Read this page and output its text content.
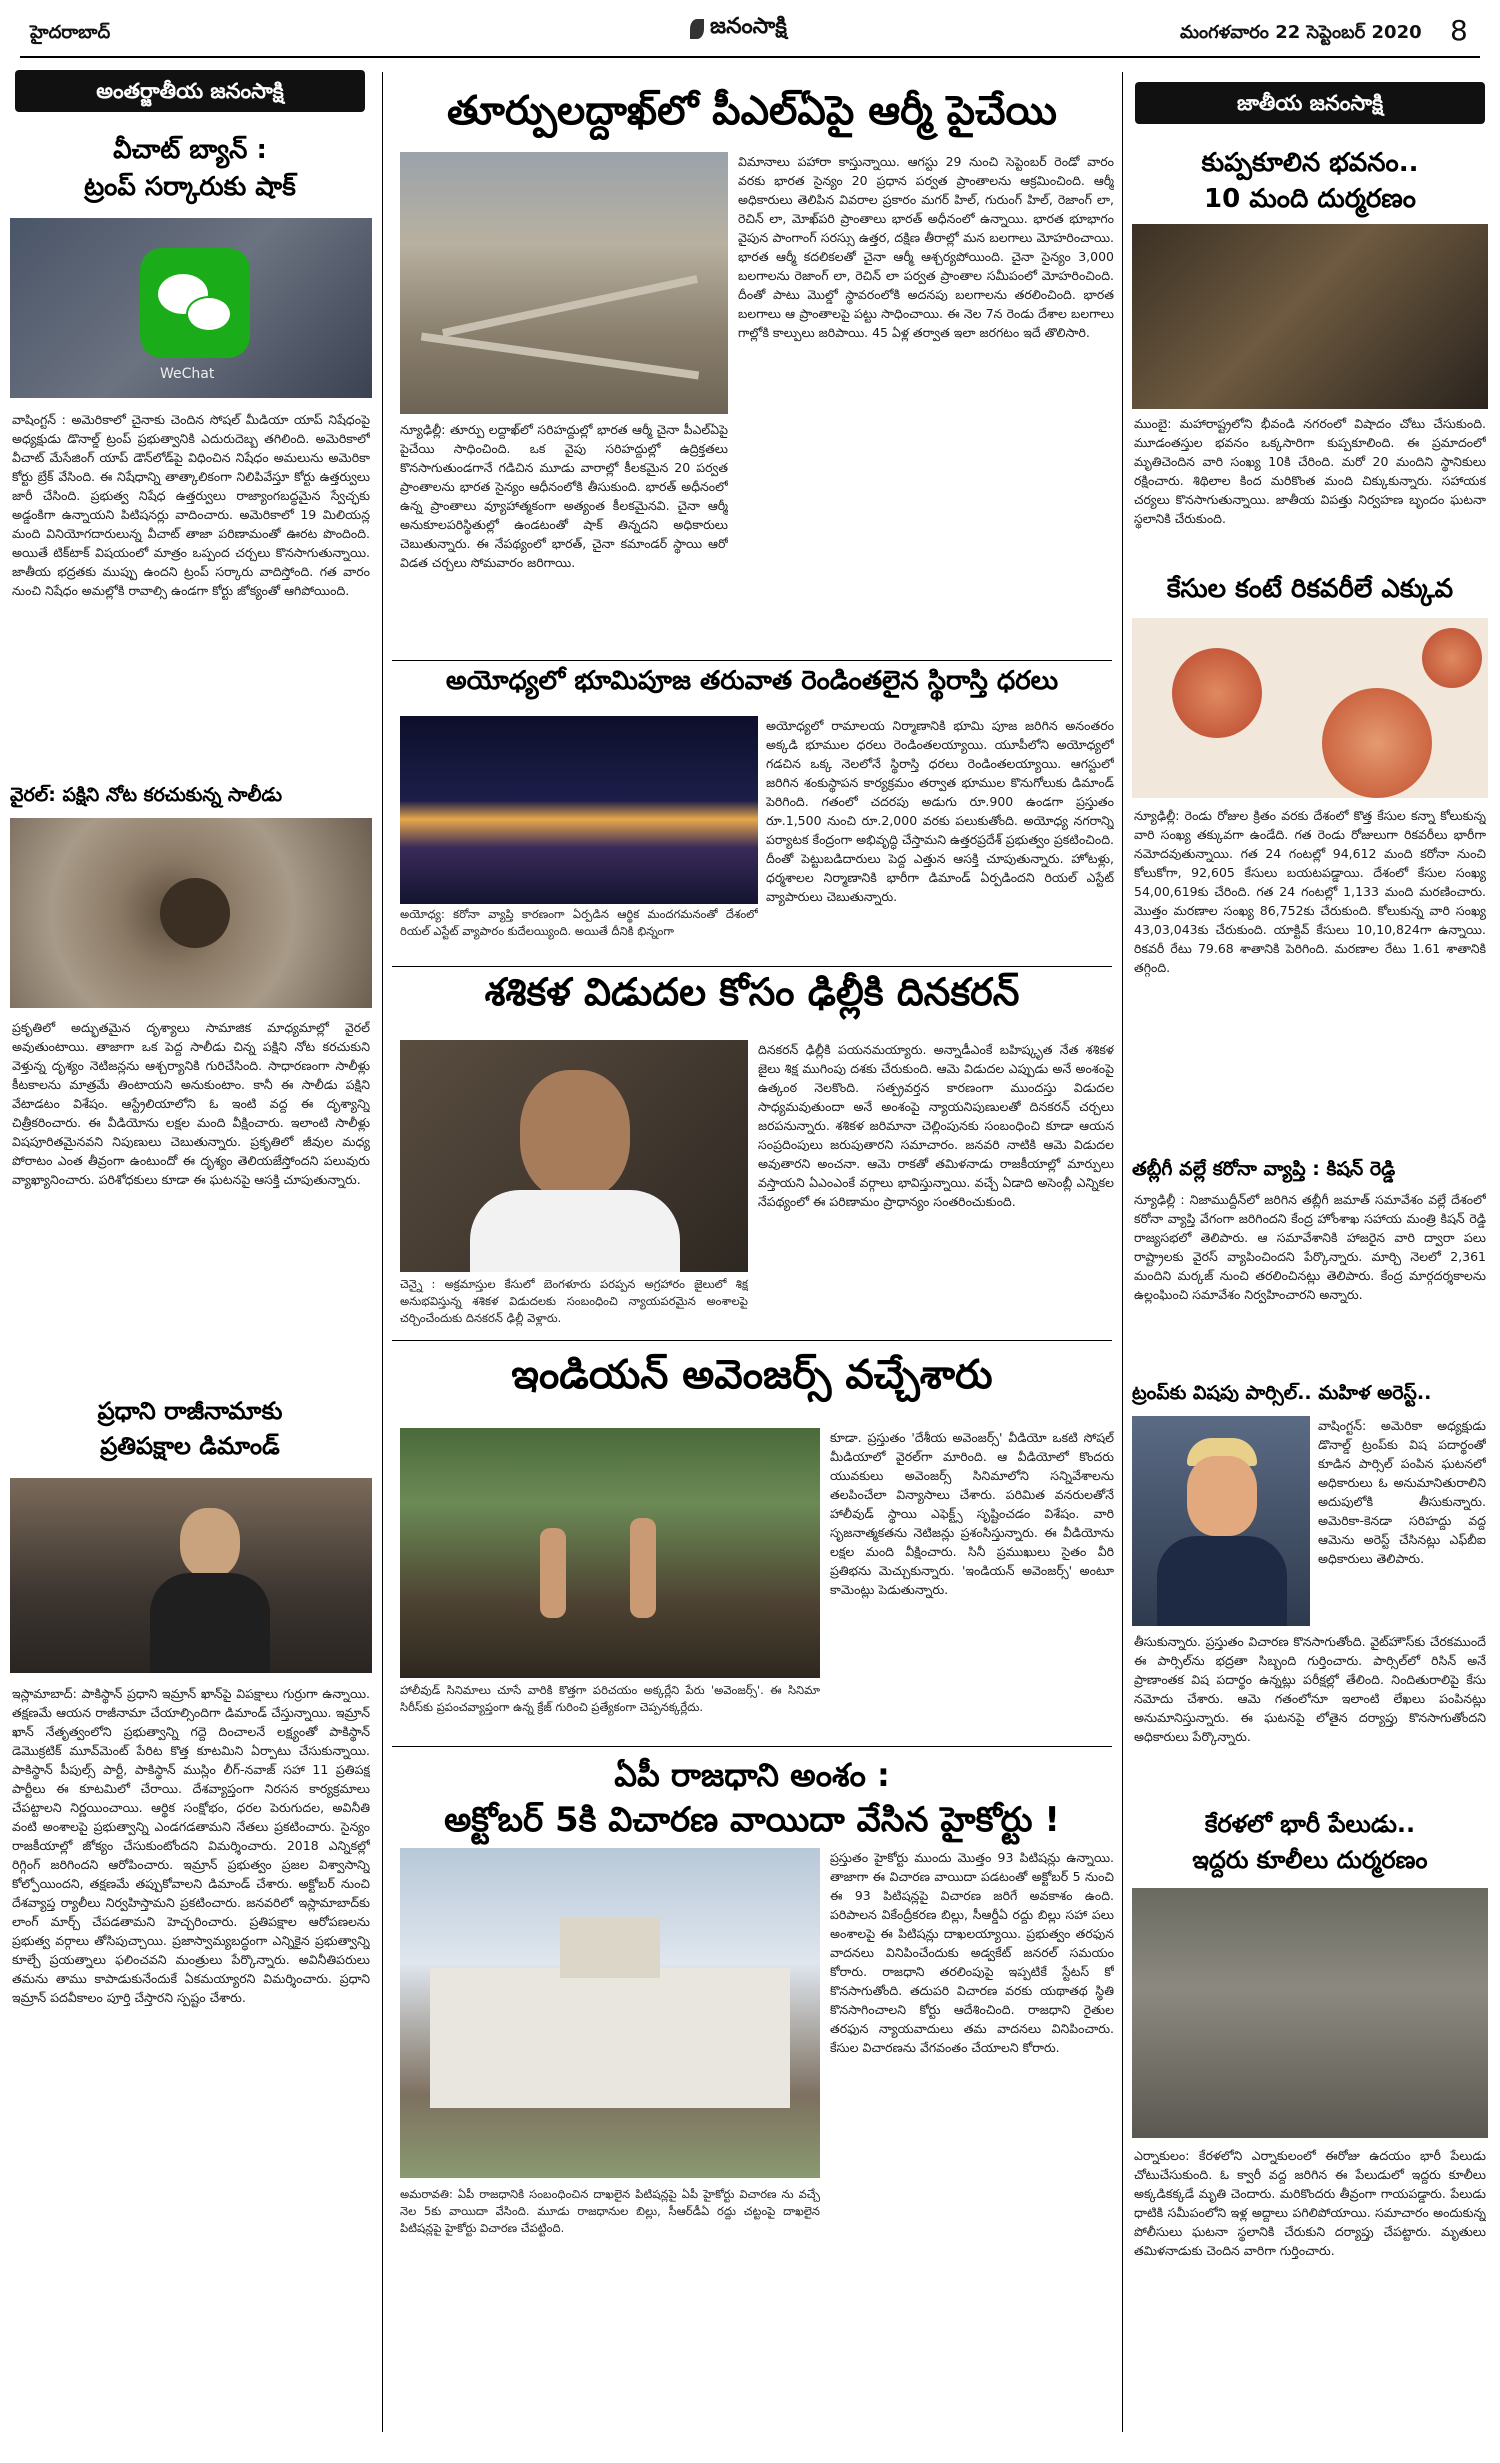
హైదరాబాద్	జనంసాక్షి	మంగళవారం 22 సెప్టెంబర్ 2020 8
అంతర్జాతీయ జనంసాక్షి
వీచాట్ బ్యాన్ :
ట్రంప్ సర్కారుకు షాక్
WeChat
వాషింగ్టన్‌ : అమెరికాలో చైనాకు చెందిన సోషల్‌ మీడియా యాప్‌ నిషేధంపై అధ్యక్షుడు డొనాల్డ్‌ ట్రంప్‌ ప్రభుత్వానికి ఎదురుదెబ్బ తగిలింది. అమెరికాలో వీచాట్‌ మేసేజింగ్‌ యాప్‌ డౌన్‌లోడ్‌పై విధించిన నిషేధం అమలును అమెరికా కోర్టు బ్రేక్‌ వేసింది. ఈ నిషేధాన్ని తాత్కాలికంగా నిలిపివేస్తూ కోర్టు ఉత్తర్వులు జారీ చేసింది. ప్రభుత్వ నిషేధ ఉత్తర్వులు రాజ్యాంగబద్ధమైన స్వేచ్ఛకు అడ్డంకిగా ఉన్నాయని పిటిషనర్లు వాదించారు. అమెరికాలో 19 మిలియన్ల మంది వినియోగదారులున్న వీచాట్‌ తాజా పరిణామంతో ఊరట పొందింది. అయితే టిక్‌టాక్‌ విషయంలో మాత్రం ఒప్పంద చర్చలు కొనసాగుతున్నాయి. జాతీయ భద్రతకు ముప్పు ఉందని ట్రంప్‌ సర్కారు వాదిస్తోంది. గత వారం నుంచి నిషేధం అమల్లోకి రావాల్సి ఉండగా కోర్టు జోక్యంతో ఆగిపోయింది.
వైరల్‌: పక్షిని నోట కరచుకున్న సాలీడు
ప్రకృతిలో అద్భుతమైన దృశ్యాలు సామాజిక మాధ్యమాల్లో వైరల్‌ అవుతుంటాయి. తాజాగా ఒక పెద్ద సాలీడు చిన్న పక్షిని నోట కరచుకుని వెళ్తున్న దృశ్యం నెటిజన్లను ఆశ్చర్యానికి గురిచేసింది. సాధారణంగా సాలీళ్లు కీటకాలను మాత్రమే తింటాయని అనుకుంటాం. కానీ ఈ సాలీడు పక్షిని వేటాడటం విశేషం. ఆస్ట్రేలియాలోని ఓ ఇంటి వద్ద ఈ దృశ్యాన్ని చిత్రీకరించారు. ఈ వీడియోను లక్షల మంది వీక్షించారు. ఇలాంటి సాలీళ్లు విషపూరితమైనవని నిపుణులు చెబుతున్నారు. ప్రకృతిలో జీవుల మధ్య పోరాటం ఎంత తీవ్రంగా ఉంటుందో ఈ దృశ్యం తెలియజేస్తోందని పలువురు వ్యాఖ్యానించారు. పరిశోధకులు కూడా ఈ ఘటనపై ఆసక్తి చూపుతున్నారు.
ప్రధాని రాజీనామాకు
ప్రతిపక్షాల డిమాండ్‌
ఇస్లామాబాద్‌: పాకిస్థాన్‌ ప్రధాని ఇమ్రాన్‌ ఖాన్‌పై విపక్షాలు గుర్రుగా ఉన్నాయి. తక్షణమే ఆయన రాజీనామా చేయాల్సిందిగా డిమాండ్‌ చేస్తున్నాయి. ఇమ్రాన్‌ ఖాన్‌ నేతృత్వంలోని ప్రభుత్వాన్ని గద్దె దించాలనే లక్ష్యంతో పాకిస్థాన్‌ డెమొక్రటిక్‌ మూవ్‌మెంట్‌ పేరిట కొత్త కూటమిని ఏర్పాటు చేసుకున్నాయి. పాకిస్థాన్‌ పీపుల్స్‌ పార్టీ, పాకిస్థాన్‌ ముస్లిం లీగ్‌-నవాజ్‌ సహా 11 ప్రతిపక్ష పార్టీలు ఈ కూటమిలో చేరాయి. దేశవ్యాప్తంగా నిరసన కార్యక్రమాలు చేపట్టాలని నిర్ణయించాయి. ఆర్థిక సంక్షోభం, ధరల పెరుగుదల, అవినీతి వంటి అంశాలపై ప్రభుత్వాన్ని ఎండగడతామని నేతలు ప్రకటించారు. సైన్యం రాజకీయాల్లో జోక్యం చేసుకుంటోందని విమర్శించారు. 2018 ఎన్నికల్లో రిగ్గింగ్‌ జరిగిందని ఆరోపించారు. ఇమ్రాన్‌ ప్రభుత్వం ప్రజల విశ్వాసాన్ని కోల్పోయిందని, తక్షణమే తప్పుకోవాలని డిమాండ్‌ చేశారు. అక్టోబర్‌ నుంచి దేశవ్యాప్త ర్యాలీలు నిర్వహిస్తామని ప్రకటించారు. జనవరిలో ఇస్లామాబాద్‌కు లాంగ్‌ మార్చ్‌ చేపడతామని హెచ్చరించారు. ప్రతిపక్షాల ఆరోపణలను ప్రభుత్వ వర్గాలు తోసిపుచ్చాయి. ప్రజాస్వామ్యబద్ధంగా ఎన్నికైన ప్రభుత్వాన్ని కూల్చే ప్రయత్నాలు ఫలించవని మంత్రులు పేర్కొన్నారు. అవినీతిపరులు తమను తాము కాపాడుకునేందుకే ఏకమయ్యారని విమర్శించారు. ప్రధాని ఇమ్రాన్‌ పదవీకాలం పూర్తి చేస్తారని స్పష్టం చేశారు.
తూర్పులద్దాఖ్‌లో పీఎల్‌ఏపై ఆర్మీ పైచేయి
న్యూఢిల్లీ: తూర్పు లద్దాఖ్‌లో సరిహద్దుల్లో భారత ఆర్మీ చైనా పీఎల్‌ఏపై పైచేయి సాధించింది. ఒక వైపు సరిహద్దుల్లో ఉద్రిక్తతలు కొనసాగుతుండగానే గడిచిన మూడు వారాల్లో కీలకమైన 20 పర్వత ప్రాంతాలను భారత సైన్యం ఆధీనంలోకి తీసుకుంది. భారత్‌ అధీనంలో ఉన్న ప్రాంతాలు వ్యూహాత్మకంగా అత్యంత కీలకమైనవి. చైనా ఆర్మీ అనుకూలపరిస్థితుల్లో ఉండటంతో షాక్‌ తిన్నదని అధికారులు చెబుతున్నారు. ఈ నేపథ్యంలో భారత్‌, చైనా కమాండర్‌ స్థాయి ఆరో విడత చర్చలు సోమవారం జరిగాయి.
విమానాలు పహారా కాస్తున్నాయి. ఆగస్టు 29 నుంచి సెప్టెంబర్‌ రెండో వారం వరకు భారత సైన్యం 20 ప్రధాన పర్వత ప్రాంతాలను ఆక్రమించింది. ఆర్మీ అధికారులు తెలిపిన వివరాల ప్రకారం మగర్‌ హిల్‌, గురుంగ్‌ హిల్‌, రెజాంగ్‌ లా, రెచిన్‌ లా, మోఖ్‌పరి ప్రాంతాలు భారత్‌ అధీనంలో ఉన్నాయి. భారత భూభాగం వైపున పాంగాంగ్‌ సరస్సు ఉత్తర, దక్షిణ తీరాల్లో మన బలగాలు మోహరించాయి. భారత ఆర్మీ కదలికలతో చైనా ఆర్మీ ఆశ్చర్యపోయింది. చైనా సైన్యం 3,000 బలగాలను రెజాంగ్‌ లా, రెచిన్‌ లా పర్వత ప్రాంతాల సమీపంలో మోహరించింది. దీంతో పాటు మెుల్డో స్థావరంలోకి అదనపు బలగాలను తరలించింది. భారత బలగాలు ఆ ప్రాంతాలపై పట్టు సాధించాయి. ఈ నెల 7న రెండు దేశాల బలగాలు గాల్లోకి కాల్పులు జరిపాయి. 45 ఏళ్ల తర్వాత ఇలా జరగటం ఇదే తొలిసారి.
అయోధ్యలో భూమిపూజ తరువాత రెండింతలైన స్థిరాస్తి ధరలు
అయోధ్య: కరోనా వ్యాప్తి కారణంగా ఏర్పడిన ఆర్థిక మందగమనంతో దేశంలో రియల్‌ ఎస్టేట్‌ వ్యాపారం కుదేలయ్యింది. అయితే దీనికి భిన్నంగా
అయోధ్యలో రామాలయ నిర్మాణానికి భూమి పూజ జరిగిన అనంతరం అక్కడి భూముల ధరలు రెండింతలయ్యాయి. యూపీలోని అయోధ్యలో గడచిన ఒక్క నెలలోనే స్థిరాస్తి ధరలు రెండింతలయ్యాయి. ఆగస్టులో జరిగిన శంకుస్థాపన కార్యక్రమం తర్వాత భూముల కొనుగోలుకు డిమాండ్‌ పెరిగింది. గతంలో చదరపు అడుగు రూ.900 ఉండగా ప్రస్తుతం రూ.1,500 నుంచి రూ.2,000 వరకు పలుకుతోంది. అయోధ్య నగరాన్ని పర్యాటక కేంద్రంగా అభివృద్ధి చేస్తామని ఉత్తరప్రదేశ్‌ ప్రభుత్వం ప్రకటించింది. దీంతో పెట్టుబడిదారులు పెద్ద ఎత్తున ఆసక్తి చూపుతున్నారు. హోటళ్లు, ధర్మశాలల నిర్మాణానికి భారీగా డిమాండ్‌ ఏర్పడిందని రియల్‌ ఎస్టేట్‌ వ్యాపారులు చెబుతున్నారు.
శశికళ విడుదల కోసం ఢిల్లీకి దినకరన్‌
చెన్నై : అక్రమాస్తుల కేసులో బెంగళూరు పరప్పన అగ్రహారం జైలులో శిక్ష అనుభవిస్తున్న శశికళ విడుదలకు సంబంధించి న్యాయపరమైన అంశాలపై చర్చించేందుకు దినకరన్‌ ఢిల్లీ వెళ్లారు.
దినకరన్‌ ఢిల్లీకి పయనమయ్యారు. అన్నాడీఎంకే బహిష్కృత నేత శశికళ జైలు శిక్ష ముగింపు దశకు చేరుకుంది. ఆమె విడుదల ఎప్పుడు అనే అంశంపై ఉత్కంఠ నెలకొంది. సత్ప్రవర్తన కారణంగా ముందస్తు విడుదల సాధ్యమవుతుందా అనే అంశంపై న్యాయనిపుణులతో దినకరన్‌ చర్చలు జరపనున్నారు. శశికళ జరిమానా చెల్లింపునకు సంబంధించి కూడా ఆయన సంప్రదింపులు జరుపుతారని సమాచారం. జనవరి నాటికి ఆమె విడుదల అవుతారని అంచనా. ఆమె రాకతో తమిళనాడు రాజకీయాల్లో మార్పులు వస్తాయని ఏఎంఎంకే వర్గాలు భావిస్తున్నాయి. వచ్చే ఏడాది అసెంబ్లీ ఎన్నికల నేపథ్యంలో ఈ పరిణామం ప్రాధాన్యం సంతరించుకుంది.
ఇండియన్‌ అవెంజర్స్‌ వచ్చేశారు
హాలీవుడ్‌ సినిమాలు చూసే వారికి కొత్తగా పరిచయం అక్కర్లేని పేరు 'అవెంజర్స్‌'. ఈ సినిమా సిరీస్‌కు ప్రపంచవ్యాప్తంగా ఉన్న క్రేజ్‌ గురించి ప్రత్యేకంగా చెప్పనక్కర్లేదు.
కూడా. ప్రస్తుతం 'దేశీయ అవెంజర్స్‌' వీడియో ఒకటి సోషల్‌ మీడియాలో వైరల్‌గా మారింది. ఆ వీడియోలో కొందరు యువకులు అవెంజర్స్‌ సినిమాలోని సన్నివేశాలను తలపించేలా విన్యాసాలు చేశారు. పరిమిత వనరులతోనే హాలీవుడ్‌ స్థాయి ఎఫెక్ట్స్‌ సృష్టించడం విశేషం. వారి సృజనాత్మకతను నెటిజన్లు ప్రశంసిస్తున్నారు. ఈ వీడియోను లక్షల మంది వీక్షించారు. సినీ ప్రముఖులు సైతం వీరి ప్రతిభను మెచ్చుకున్నారు. 'ఇండియన్‌ అవెంజర్స్‌' అంటూ కామెంట్లు పెడుతున్నారు.
ఏపీ రాజధాని అంశం :
అక్టోబర్‌ 5కి విచారణ వాయిదా వేసిన హైకోర్టు !
అమరావతి: ఏపీ రాజధానికి సంబంధించిన దాఖలైన పిటిషన్లపై ఏపీ హైకోర్టు విచారణ ను వచ్చే నెల 5కు వాయిదా వేసింది. మూడు రాజధానుల బిల్లు, సీఆర్‌డీఏ రద్దు చట్టంపై దాఖలైన పిటిషన్లపై హైకోర్టు విచారణ చేపట్టింది.
ప్రస్తుతం హైకోర్టు ముందు మొత్తం 93 పిటిషన్లు ఉన్నాయి. తాజాగా ఈ విచారణ వాయిదా పడటంతో అక్టోబర్‌ 5 నుంచి ఈ 93 పిటిషన్లపై విచారణ జరిగే అవకాశం ఉంది. పరిపాలన వికేంద్రీకరణ బిల్లు, సీఆర్డీఏ రద్దు బిల్లు సహా పలు అంశాలపై ఈ పిటిషన్లు దాఖలయ్యాయి. ప్రభుత్వం తరఫున వాదనలు వినిపించేందుకు అడ్వకేట్‌ జనరల్‌ సమయం కోరారు. రాజధాని తరలింపుపై ఇప్పటికే స్టేటస్‌ కో కొనసాగుతోంది. తదుపరి విచారణ వరకు యథాతథ స్థితి కొనసాగించాలని కోర్టు ఆదేశించింది. రాజధాని రైతుల తరఫున న్యాయవాదులు తమ వాదనలు వినిపించారు. కేసుల విచారణను వేగవంతం చేయాలని కోరారు.
జాతీయ జనంసాక్షి
కుప్పకూలిన భవనం..
10 మంది దుర్మరణం
ముంబై: మహారాష్ట్రలోని భీవండి నగరంలో విషాదం చోటు చేసుకుంది. మూడంతస్తుల భవనం ఒక్కసారిగా కుప్పకూలింది. ఈ ప్రమాదంలో మృతిచెందిన వారి సంఖ్య 10కి చేరింది. మరో 20 మందిని స్థానికులు రక్షించారు. శిథిలాల కింద మరికొంత మంది చిక్కుకున్నారు. సహాయక చర్యలు కొనసాగుతున్నాయి. జాతీయ విపత్తు నిర్వహణ బృందం ఘటనా స్థలానికి చేరుకుంది.
కేసుల కంటే రికవరీలే ఎక్కువ
న్యూఢిల్లీ: రెండు రోజుల క్రితం వరకు దేశంలో కొత్త కేసుల కన్నా కోలుకున్న వారి సంఖ్య తక్కువగా ఉండేది. గత రెండు రోజులుగా రికవరీలు భారీగా నమోదవుతున్నాయి. గత 24 గంటల్లో 94,612 మంది కరోనా నుంచి కోలుకోగా, 92,605 కేసులు బయటపడ్డాయి. దేశంలో కేసుల సంఖ్య 54,00,619కు చేరింది. గత 24 గంటల్లో 1,133 మంది మరణించారు. మొత్తం మరణాల సంఖ్య 86,752కు చేరుకుంది. కోలుకున్న వారి సంఖ్య 43,03,043కు చేరుకుంది. యాక్టివ్‌ కేసులు 10,10,824గా ఉన్నాయి. రికవరీ రేటు 79.68 శాతానికి పెరిగింది. మరణాల రేటు 1.61 శాతానికి తగ్గింది.
తబ్లీగీ వల్లే కరోనా వ్యాప్తి : కిషన్‌ రెడ్డి
న్యూఢిల్లీ : నిజాముద్దీన్‌లో జరిగిన తబ్లీగీ జమాత్‌ సమావేశం వల్లే దేశంలో కరోనా వ్యాప్తి వేగంగా జరిగిందని కేంద్ర హోంశాఖ సహాయ మంత్రి కిషన్‌ రెడ్డి రాజ్యసభలో తెలిపారు. ఆ సమావేశానికి హాజరైన వారి ద్వారా పలు రాష్ట్రాలకు వైరస్‌ వ్యాపించిందని పేర్కొన్నారు. మార్చి నెలలో 2,361 మందిని మర్కజ్‌ నుంచి తరలించినట్లు తెలిపారు. కేంద్ర మార్గదర్శకాలను ఉల్లంఘించి సమావేశం నిర్వహించారని అన్నారు.
ట్రంప్‌కు విషపు పార్సిల్‌.. మహిళ అరెస్ట్‌..
వాషింగ్టన్‌: అమెరికా అధ్యక్షుడు డొనాల్డ్‌ ట్రంప్‌కు విష పదార్థంతో కూడిన పార్సిల్‌ పంపిన ఘటనలో అధికారులు ఓ అనుమానితురాలిని అదుపులోకి తీసుకున్నారు. అమెరికా-కెనడా సరిహద్దు వద్ద ఆమెను అరెస్ట్‌ చేసినట్లు ఎఫ్‌బీఐ అధికారులు తెలిపారు.
తీసుకున్నారు. ప్రస్తుతం విచారణ కొనసాగుతోంది. వైట్‌హౌస్‌కు చేరకముందే ఈ పార్సిల్‌ను భద్రతా సిబ్బంది గుర్తించారు. పార్సిల్‌లో రిసిన్‌ అనే ప్రాణాంతక విష పదార్థం ఉన్నట్లు పరీక్షల్లో తేలింది. నిందితురాలిపై కేసు నమోదు చేశారు. ఆమె గతంలోనూ ఇలాంటి లేఖలు పంపినట్లు అనుమానిస్తున్నారు. ఈ ఘటనపై లోతైన దర్యాప్తు కొనసాగుతోందని అధికారులు పేర్కొన్నారు.
కేరళలో భారీ పేలుడు..
ఇద్దరు కూలీలు దుర్మరణం
ఎర్నాకులం: కేరళలోని ఎర్నాకులంలో ఈరోజు ఉదయం భారీ పేలుడు చోటుచేసుకుంది. ఓ క్వారీ వద్ద జరిగిన ఈ పేలుడులో ఇద్దరు కూలీలు అక్కడికక్కడే మృతి చెందారు. మరికొందరు తీవ్రంగా గాయపడ్డారు. పేలుడు ధాటికి సమీపంలోని ఇళ్ల అద్దాలు పగిలిపోయాయి. సమాచారం అందుకున్న పోలీసులు ఘటనా స్థలానికి చేరుకుని దర్యాప్తు చేపట్టారు. మృతులు తమిళనాడుకు చెందిన వారిగా గుర్తించారు.
